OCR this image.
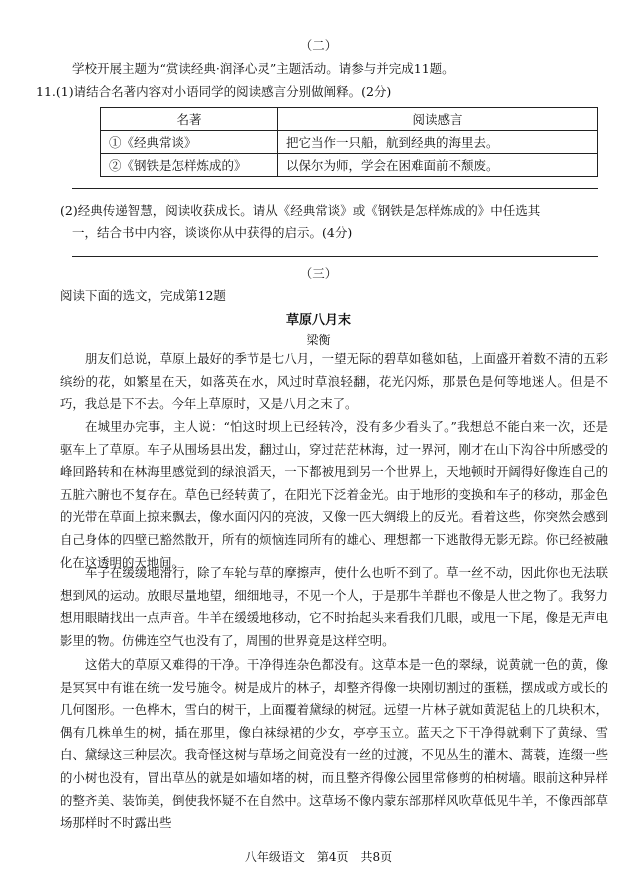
（二）
学校开展主题为“赏读经典·润泽心灵”主题活动。请参与并完成11题。
11.(1)请结合名著内容对小语同学的阅读感言分别做阐释。(2分)
名著	阅读感言
①《经典常谈》	把它当作一只船，航到经典的海里去。
②《钢铁是怎样炼成的》	以保尔为师，学会在困难面前不颓废。
(2)经典传递智慧，阅读收获成长。请从《经典常谈》或《钢铁是怎样炼成的》中任选其
一，结合书中内容，谈谈你从中获得的启示。(4分)
（三）
阅读下面的选文，完成第12题
草原八月末
梁衡
朋友们总说，草原上最好的季节是七八月，一望无际的碧草如毯如毡，上面盛开着数不清的五彩缤纷的花，如繁星在天，如落英在水，风过时草浪轻翻，花光闪烁，那景色是何等地迷人。但是不巧，我总是下不去。今年上草原时，又是八月之末了。
在城里办完事，主人说：“怕这时坝上已经转冷，没有多少看头了。”我想总不能白来一次，还是驱车上了草原。车子从围场县出发，翻过山，穿过茫茫林海，过一界河，刚才在山下沟谷中所感受的峰回路转和在林海里感觉到的绿浪滔天，一下都被甩到另一个世界上，天地顿时开阔得好像连自己的五脏六腑也不复存在。草色已经转黄了，在阳光下泛着金光。由于地形的变换和车子的移动，那金色的光带在草面上掠来飘去，像水面闪闪的亮波，又像一匹大绸缎上的反光。看着这些，你突然会感到自己身体的四壁已豁然散开，所有的烦恼连同所有的雄心、理想都一下逃散得无影无踪。你已经被融化在这透明的天地间。
车子在缓缓地滑行，除了车轮与草的摩擦声，使什么也听不到了。草一丝不动，因此你也无法联想到风的运动。放眼尽量地望，细细地寻，不见一个人，于是那牛羊群也不像是人世之物了。我努力想用眼睛找出一点声音。牛羊在缓缓地移动，它不时抬起头来看我们几眼，或甩一下尾，像是无声电影里的物。仿佛连空气也没有了，周围的世界竟是这样空明。
这偌大的草原又难得的干净。干净得连杂色都没有。这草本是一色的翠绿，说黄就一色的黄，像是冥冥中有谁在统一发号施令。树是成片的林子，却整齐得像一块刚切割过的蛋糕，摆成或方或长的几何图形。一色桦木，雪白的树干，上面覆着黛绿的树冠。远望一片林子就如黄泥毡上的几块积木，偶有几株单生的树，插在那里，像白袜绿裙的少女，亭亭玉立。蓝天之下干净得就剩下了黄绿、雪白、黛绿这三种层次。我奇怪这树与草场之间竟没有一丝的过渡，不见丛生的灌木、蒿蓑，连缀一些的小树也没有，冒出草丛的就是如墙如堵的树，而且整齐得像公园里常修剪的柏树墙。眼前这种异样的整齐美、装饰美，倒使我怀疑不在自然中。这草场不像内蒙东部那样风吹草低见牛羊，不像西部草场那样时不时露出些
八年级语文　第4页　共8页
